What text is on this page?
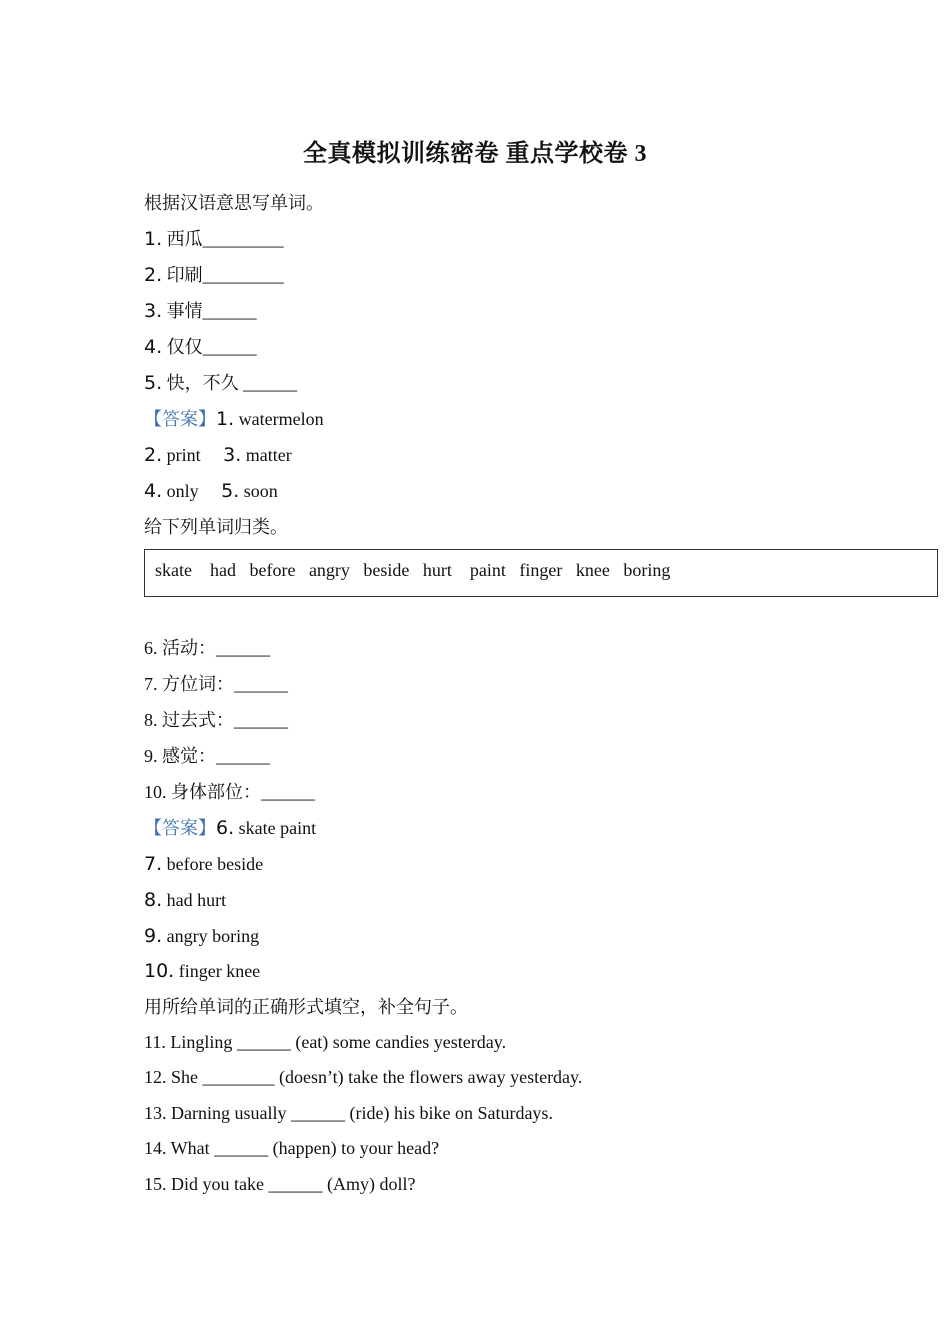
全真模拟训练密卷 重点学校卷 3
根据汉语意思写单词。
1. 西瓜_________
2. 印刷_________
3. 事情______
4. 仅仅______
5. 快，不久 ______
【答案】1. watermelon
2. print     3. matter
4. only     5. soon
给下列单词归类。
skate    had   before   angry   beside   hurt    paint   finger   knee   boring
6. 活动：______
7. 方位词：______
8. 过去式：______
9. 感觉：______
10. 身体部位：______
【答案】6. skate paint
7. before beside
8. had hurt
9. angry boring
10. finger knee
用所给单词的正确形式填空，补全句子。
11. Lingling ______ (eat) some candies yesterday.
12. She ________ (doesn’t) take the flowers away yesterday.
13. Darning usually ______ (ride) his bike on Saturdays.
14. What ______ (happen) to your head?
15. Did you take ______ (Amy) doll?
